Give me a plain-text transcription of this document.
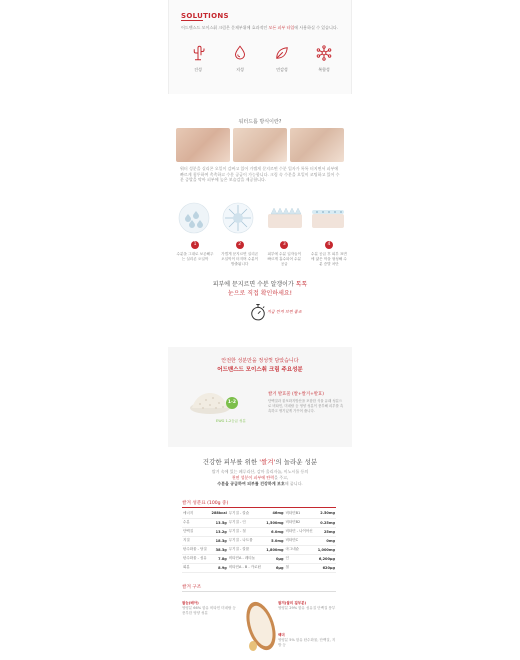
SOLUTIONS
어드밴스드 모이스춰 크림은 문제부위에 효과적인 모든 피부 타입에 사용하실 수 있습니다.
건성	지성	민감성	복합성
워터드롭 방식이란?
워터 성분을 실리콘 오일이 감싸고 있어 가볍게 문지르면 수분 입자가 톡톡 터지면서 피부에 빠르게 침투하여 촉촉하고 수분 공급이 가능합니다. 크림 속 수분을 오일이 코팅하고 있어 수분 증발을 막아 피부에 높은 보습감을 제공합니다.
1
수분을 그대로 보존해주는 실리콘 오일막
2
가볍게 문지르면 실리콘 오일막이 터지며 수분이 방출됩니다
3
피부에 수분 입자들이 빠르게 흡수되어 수분 공급
4
수분 공급 후 피부 표면에 얇은 막을 형성해 수분 증발 차단
피부에 문지르면 수분 알갱이가 톡톡
눈으로 직접 확인하세요!
지금 만져 보면 좋죠
안전한 성분만을 정성껏 담았습니다
어드밴스드 모이스춰 크림 주요성분
1-2
EWG 1-2등급 성분
쌀겨 발효물 (쌀+쌀겨+발효)
단백질과 불포화지방산을 포함한 식물 유래 성분으로 비타민, 미네랄 등 영양 성분이 풍부해 피부를 촉촉하고 생기있게 가꾸어 줍니다.
건강한 피부를 위한 '쌀겨'의 놀라운 성분
쌀겨 속에 있는 페루리산, 감마 올리자놀, 이노시톨 등의
천연 성분이 피부에 탄력을 주고,
수분을 공급하여 피부를 건강하게 보호해 줍니다.
쌀겨 성분표 (100g 중)
에너지	288kcal	무기질 - 칼슘	46mg	비타민B1	2.50mg
수분	13.5g	무기질 - 인	1,500mg	비타민B2	0.25mg
단백질	13.2g	무기질 - 철	6.0mg	비타민 - 나이아신	25mg
지질	18.3g	무기질 - 나트륨	5.0mg	비타민C	0mg
탄수화물 - 당질	38.3g	무기질 - 칼륨	1,800mg	마그네슘	1,000mg
탄수화물 - 섬유	7.8g	비타민A - 레티놀	0μg	인	6,200μg
회분	8.9g	비타민A - B - 카로틴	6μg	철	620μg
쌀겨 구조
쌀눈(배아)
영양분 66% 함유 비타민 미네랄 등 풍부한 영양 성분
쌀겨(쌀의 겉부분)
영양분 29% 함유 섬유질 단백질 풍부
백미
영양분 5% 함유 탄수화물, 단백질, 지방 등
